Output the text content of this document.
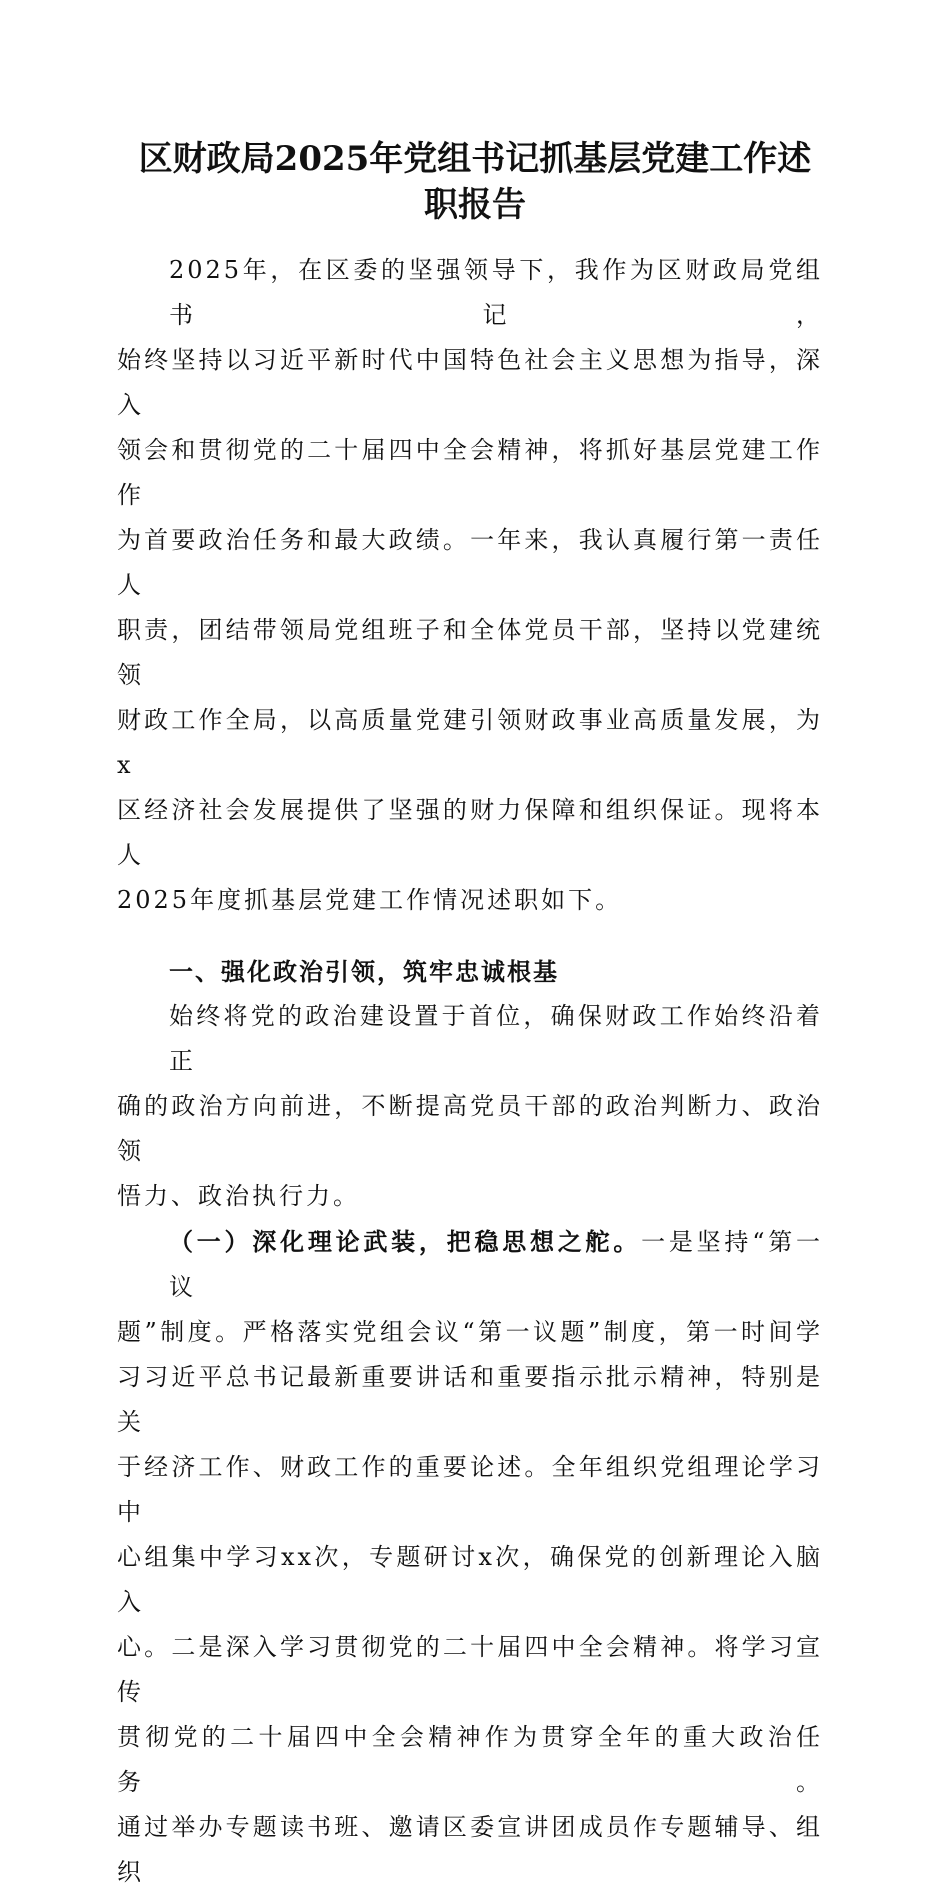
区财政局2025年党组书记抓基层党建工作述
职报告
2025年，在区委的坚强领导下，我作为区财政局党组书记，
始终坚持以习近平新时代中国特色社会主义思想为指导，深入
领会和贯彻党的二十届四中全会精神，将抓好基层党建工作作
为首要政治任务和最大政绩。一年来，我认真履行第一责任人
职责，团结带领局党组班子和全体党员干部，坚持以党建统领
财政工作全局，以高质量党建引领财政事业高质量发展，为x
区经济社会发展提供了坚强的财力保障和组织保证。现将本人
2025年度抓基层党建工作情况述职如下。
一、强化政治引领，筑牢忠诚根基
始终将党的政治建设置于首位，确保财政工作始终沿着正
确的政治方向前进，不断提高党员干部的政治判断力、政治领
悟力、政治执行力。
（一）深化理论武装，把稳思想之舵。一是坚持“第一议
题”制度。严格落实党组会议“第一议题”制度，第一时间学
习习近平总书记最新重要讲话和重要指示批示精神，特别是关
于经济工作、财政工作的重要论述。全年组织党组理论学习中
心组集中学习xx次，专题研讨x次，确保党的创新理论入脑入
心。二是深入学习贯彻党的二十届四中全会精神。将学习宣传
贯彻党的二十届四中全会精神作为贯穿全年的重大政治任务。
通过举办专题读书班、邀请区委宣讲团成员作专题辅导、组织
